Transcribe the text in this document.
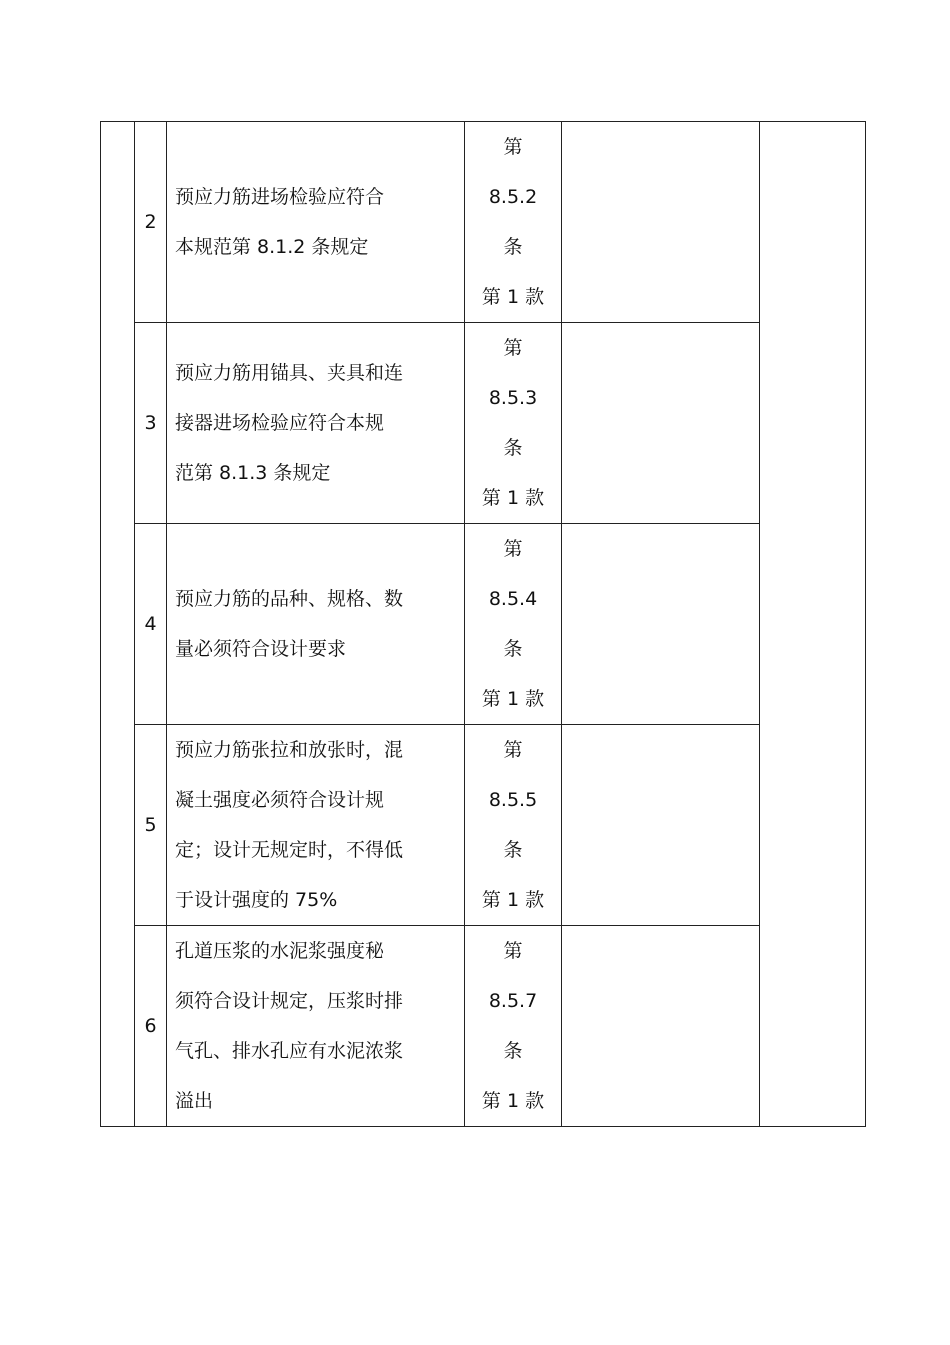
	2	预应力筋进场检验应符合
本规范第 8.1.2 条规定	第
8.5.2
条
第 1 款		

	3	预应力筋用锚具、夹具和连
接器进场检验应符合本规
范第 8.1.3 条规定	第
8.5.3
条
第 1 款		

	4	预应力筋的品种、规格、数
量必须符合设计要求	第
8.5.4
条
第 1 款		

	5	预应力筋张拉和放张时，混
凝土强度必须符合设计规
定；设计无规定时，不得低
于设计强度的 75%	第
8.5.5
条
第 1 款		

	6	孔道压浆的水泥浆强度秘
须符合设计规定，压浆时排
气孔、排水孔应有水泥浓浆
溢出	第
8.5.7
条
第 1 款		
